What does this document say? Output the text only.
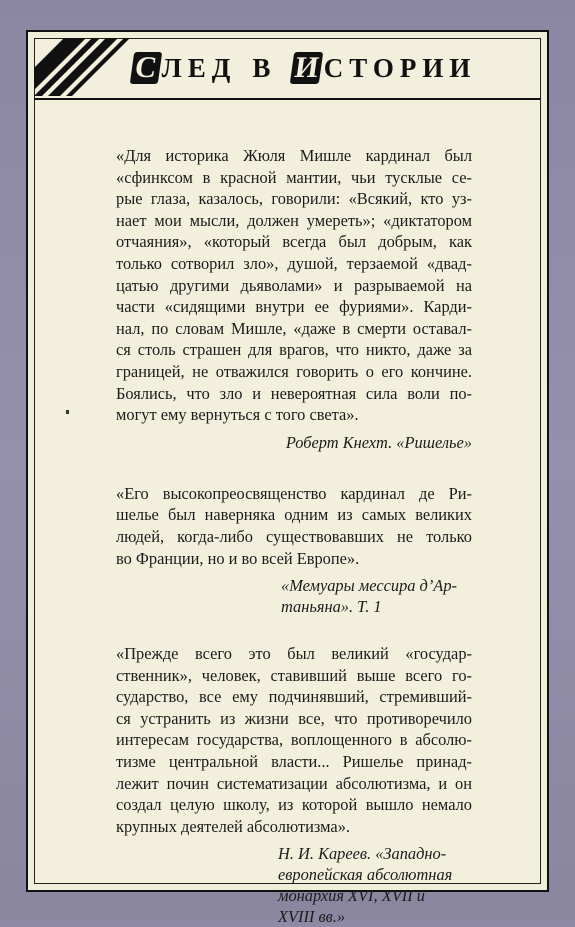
С ЛЕД В И СТОРИИ
«Для историка Жюля Мишле кардинал был
«сфинксом в красной мантии, чьи тусклые се-
рые глаза, казалось, говорили: «Всякий, кто уз-
нает мои мысли, должен умереть»; «диктатором
отчаяния», «который всегда был добрым, как
только сотворил зло», душой, терзаемой «двад-
цатью другими дьяволами» и разрываемой на
части «сидящими внутри ее фуриями». Карди-
нал, по словам Мишле, «даже в смерти оставал-
ся столь страшен для врагов, что никто, даже за
границей, не отважился говорить о его кончине.
Боялись, что зло и невероятная сила воли по-
могут ему вернуться с того света».
Роберт Кнехт. «Ришелье»
«Его высокопреосвященство кардинал де Ри-
шелье был наверняка одним из самых великих
людей, когда-либо существовавших не только
во Франции, но и во всей Европе».
«Мемуары мессира д’Ар-
таньяна». Т. 1
«Прежде всего это был великий «государ-
ственник», человек, ставивший выше всего го-
сударство, все ему подчинявший, стремивший-
ся устранить из жизни все, что противоречило
интересам государства, воплощенного в абсолю-
тизме центральной власти... Ришелье принад-
лежит почин систематизации абсолютизма, и он
создал целую школу, из которой вышло немало
крупных деятелей абсолютизма».
Н. И. Кареев. «Западно-
европейская абсолютная
монархия XVI, XVII и
XVIII вв.»
